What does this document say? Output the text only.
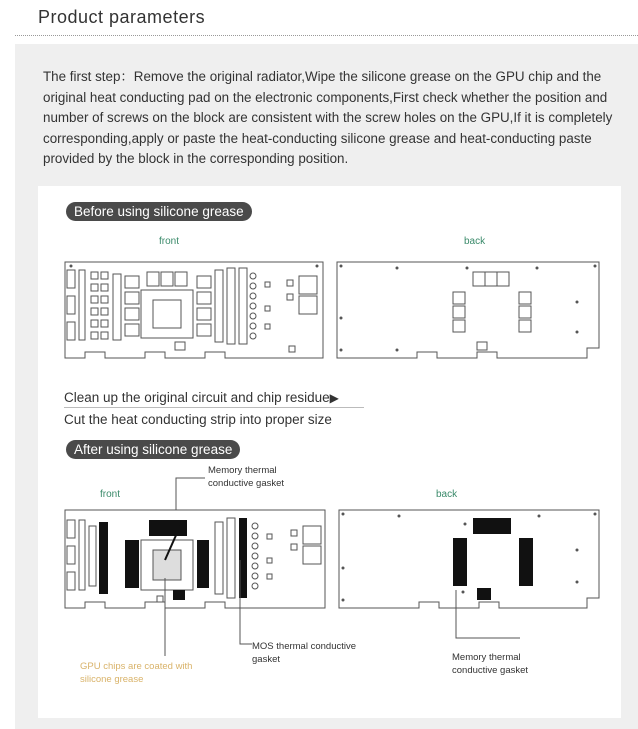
Product parameters
The first step：Remove the original radiator,Wipe the silicone grease on the GPU chip and the original heat conducting pad on the electronic components,First check whether the position and number of screws on the block are consistent with the screw holes on the GPU,If it is completely corresponding,apply or paste the heat-conducting silicone grease and heat-conducting paste provided by the block in the corresponding position.
Before using silicone grease
front	back
Clean up the original circuit and chip residue▶
Cut the heat conducting strip into proper size
After using silicone grease
front	back
Memory thermal conductive gasket
MOS thermal conductive gasket
GPU chips are coated with silicone grease
Memory thermal conductive gasket
